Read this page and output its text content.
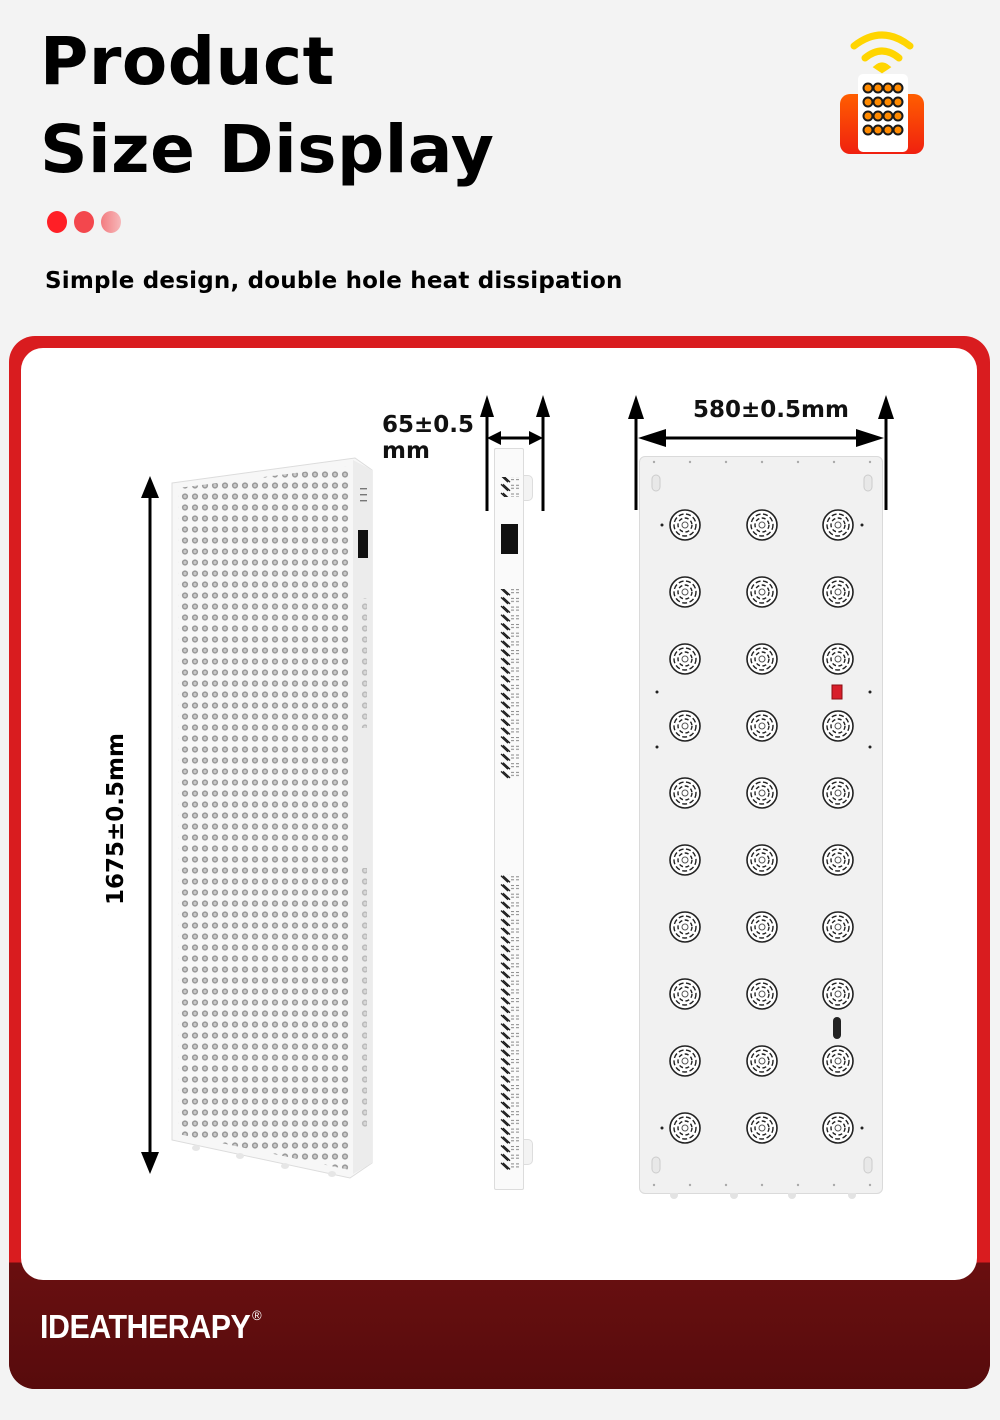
Product
Size Display
Simple design, double hole heat dissipation
1675±0.5mm
65±0.5
mm
580±0.5mm
IDEATHERAPY ®
